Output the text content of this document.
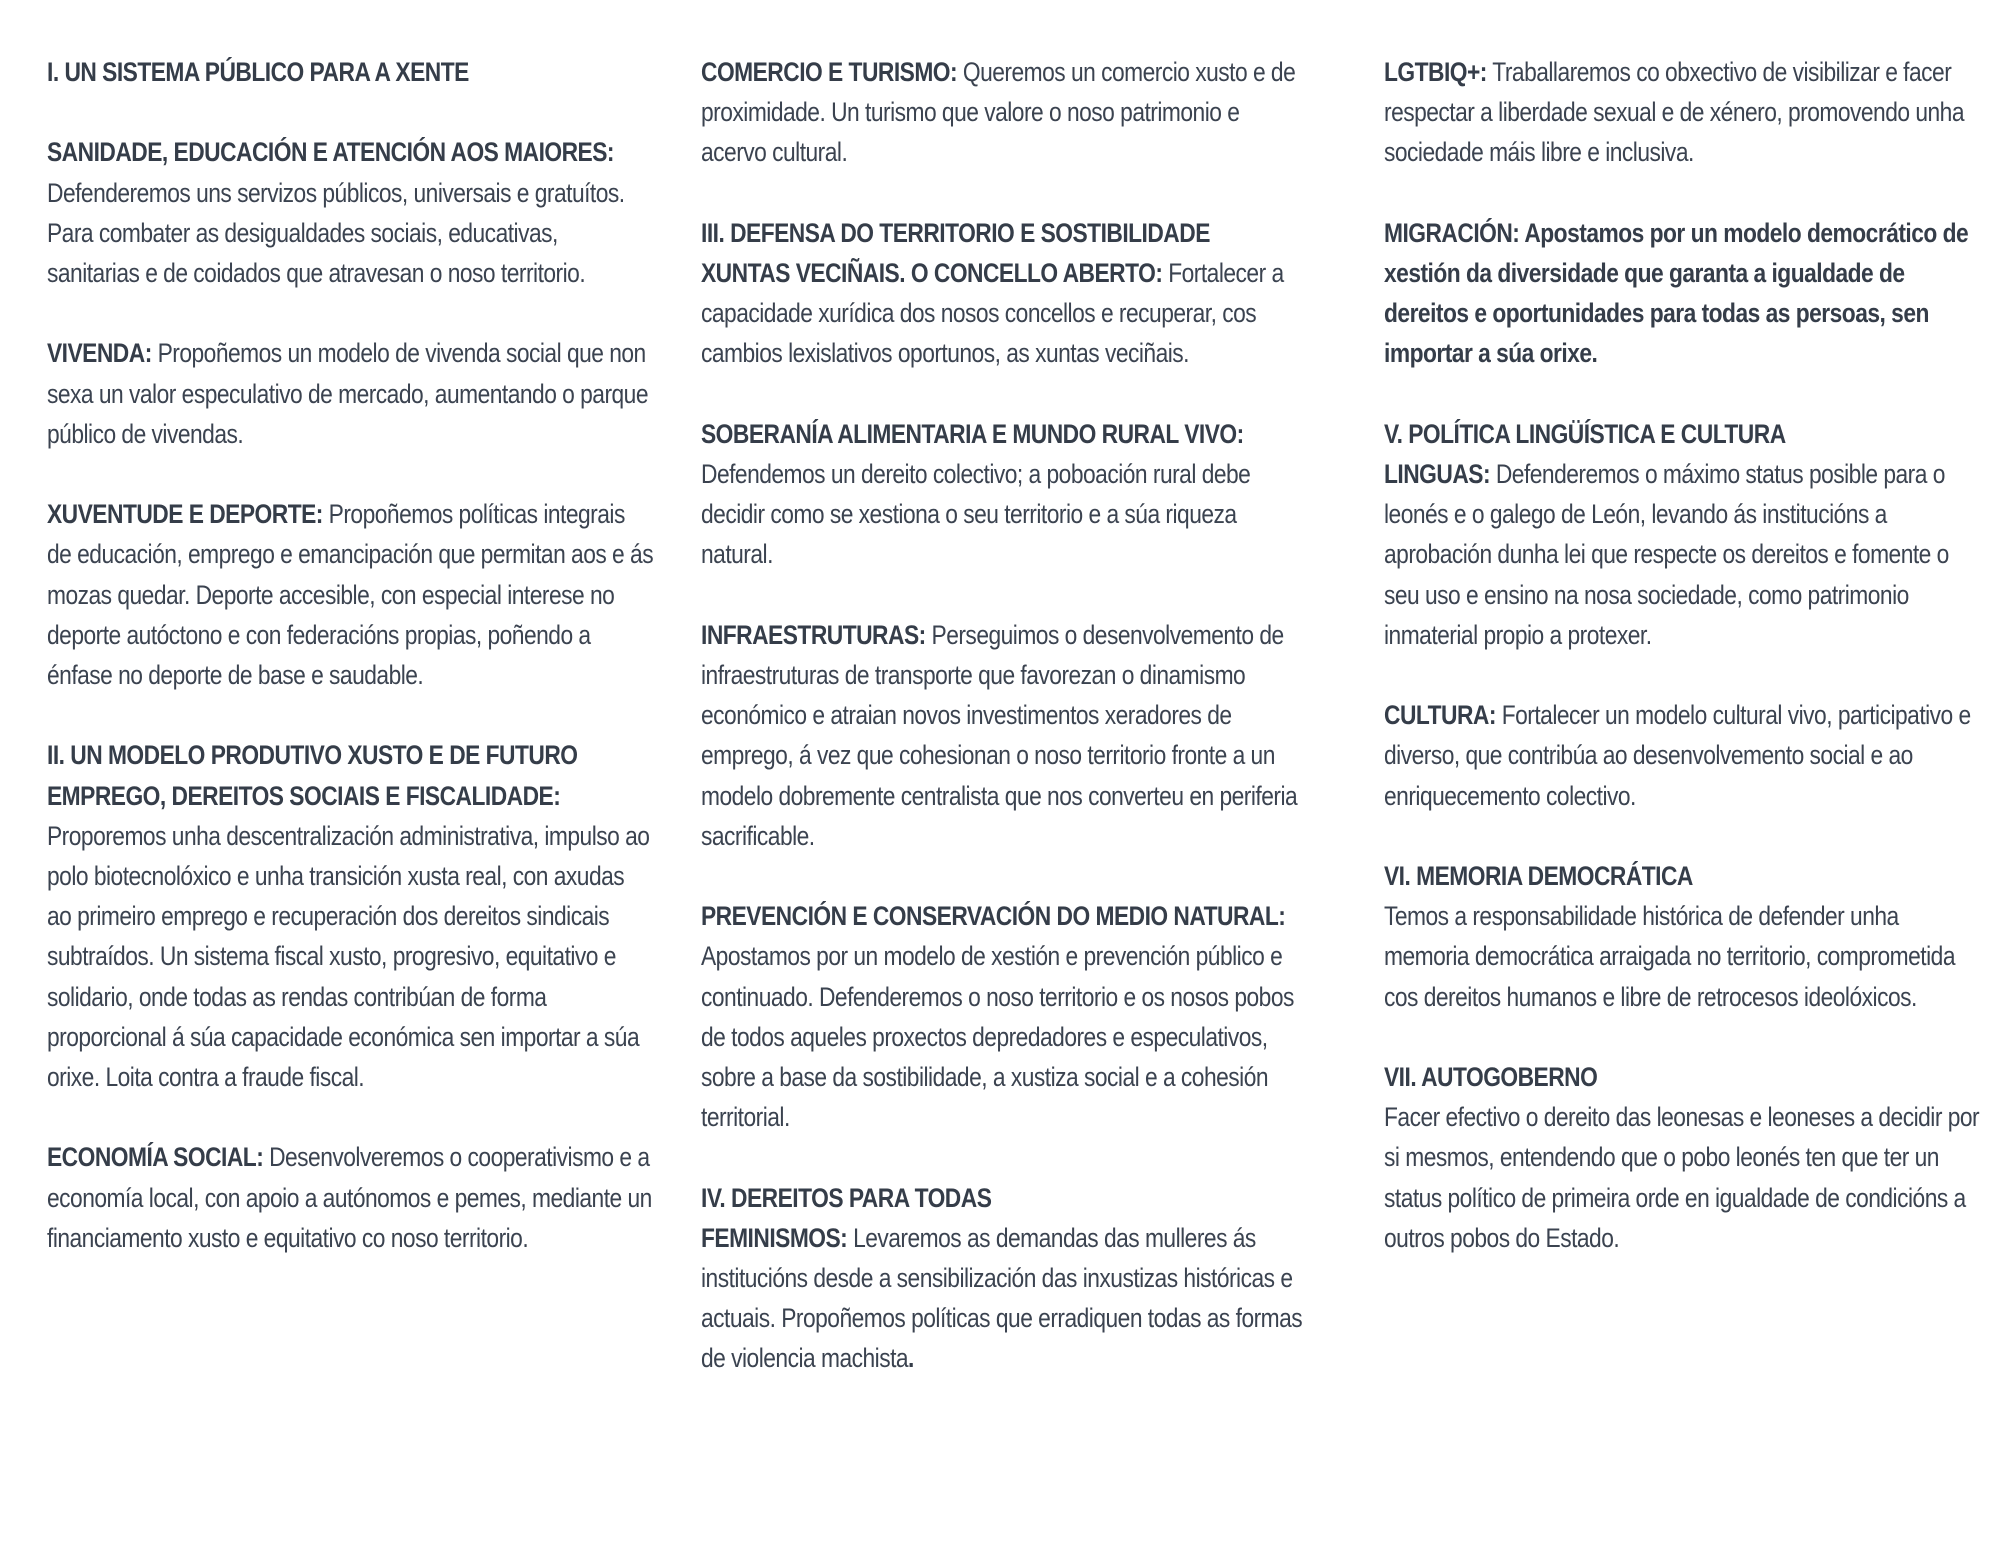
I. UN SISTEMA PÚBLICO PARA A XENTE

SANIDADE, EDUCACIÓN E ATENCIÓN AOS MAIORES:
Defenderemos uns servizos públicos, universais e gratuítos. Para combater as desigualdades sociais, educativas, sanitarias e de coidados que atravesan o noso territorio.

VIVENDA: Propoñemos un modelo de vivenda social que non sexa un valor especulativo de mercado, aumentando o parque público de vivendas.

XUVENTUDE E DEPORTE: Propoñemos políticas integrais de educación, emprego e emancipación que permitan aos e ás mozas quedar. Deporte accesible, con especial interese no deporte autóctono e con federacións propias, poñendo a énfase no deporte de base e saudable.

II. UN MODELO PRODUTIVO XUSTO E DE FUTURO
EMPREGO, DEREITOS SOCIAIS E FISCALIDADE:
Proporemos unha descentralización administrativa, impulso ao polo biotecnolóxico e unha transición xusta real, con axudas ao primeiro emprego e recuperación dos dereitos sindicais subtraídos. Un sistema fiscal xusto, progresivo, equitativo e solidario, onde todas as rendas contribúan de forma proporcional á súa capacidade económica sen importar a súa orixe. Loita contra a fraude fiscal.

ECONOMÍA SOCIAL: Desenvolveremos o cooperativismo e a economía local, con apoio a autónomos e pemes, mediante un financiamento xusto e equitativo co noso territorio.

COMERCIO E TURISMO: Queremos un comercio xusto e de proximidade. Un turismo que valore o noso patrimonio e acervo cultural.

III. DEFENSA DO TERRITORIO E SOSTIBILIDADE
XUNTAS VECIÑAIS. O CONCELLO ABERTO: Fortalecer a capacidade xurídica dos nosos concellos e recuperar, cos cambios lexislativos oportunos, as xuntas veciñais.

SOBERANÍA ALIMENTARIA E MUNDO RURAL VIVO:
Defendemos un dereito colectivo; a poboación rural debe decidir como se xestiona o seu territorio e a súa riqueza natural.

INFRAESTRUTURAS: Perseguimos o desenvolvemento de infraestruturas de transporte que favorezan o dinamismo económico e atraian novos investimentos xeradores de emprego, á vez que cohesionan o noso territorio fronte a un modelo dobremente centralista que nos converteu en periferia sacrificable.

PREVENCIÓN E CONSERVACIÓN DO MEDIO NATURAL:
Apostamos por un modelo de xestión e prevención público e continuado. Defenderemos o noso territorio e os nosos pobos de todos aqueles proxectos depredadores e especulativos, sobre a base da sostibilidade, a xustiza social e a cohesión territorial.

IV. DEREITOS PARA TODAS
FEMINISMOS: Levaremos as demandas das mulleres ás institucións desde a sensibilización das inxustizas históricas e actuais. Propoñemos políticas que erradiquen todas as formas de violencia machista.

LGTBIQ+: Traballaremos co obxectivo de visibilizar e facer respectar a liberdade sexual e de xénero, promovendo unha sociedade máis libre e inclusiva.

MIGRACIÓN: Apostamos por un modelo democrático de xestión da diversidade que garanta a igualdade de dereitos e oportunidades para todas as persoas, sen importar a súa orixe.

V. POLÍTICA LINGÜÍSTICA E CULTURA
LINGUAS: Defenderemos o máximo status posible para o leonés e o galego de León, levando ás institucións a aprobación dunha lei que respecte os dereitos e fomente o seu uso e ensino na nosa sociedade, como patrimonio inmaterial propio a protexer.

CULTURA: Fortalecer un modelo cultural vivo, participativo e diverso, que contribúa ao desenvolvemento social e ao enriquecemento colectivo.

VI. MEMORIA DEMOCRÁTICA
Temos a responsabilidade histórica de defender unha memoria democrática arraigada no territorio, comprometida cos dereitos humanos e libre de retrocesos ideolóxicos.

VII. AUTOGOBERNO
Facer efectivo o dereito das leonesas e leoneses a decidir por si mesmos, entendendo que o pobo leonés ten que ter un status político de primeira orde en igualdade de condicións a outros pobos do Estado.
